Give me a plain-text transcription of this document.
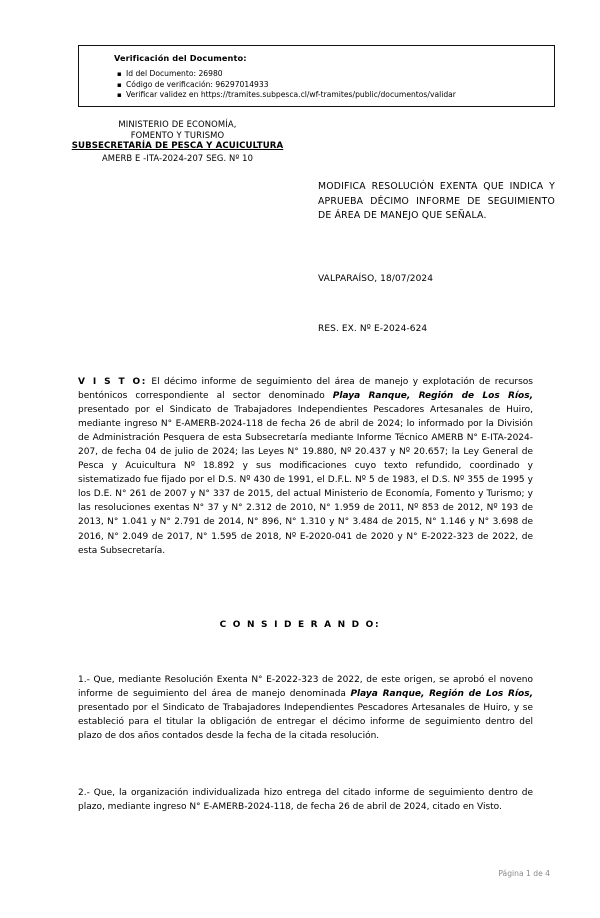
Verificación del Documento:
▪ Id del Documento: 26980
▪ Código de verificación: 96297014933
▪ Verificar validez en https://tramites.subpesca.cl/wf-tramites/public/documentos/validar
MINISTERIO DE ECONOMÍA,
FOMENTO Y TURISMO
SUBSECRETARÍA DE PESCA Y ACUICULTURA
AMERB E -ITA-2024-207 SEG. Nº 10
MODIFICA RESOLUCIÓN EXENTA QUE INDICA Y APRUEBA DÉCIMO INFORME DE SEGUIMIENTO DE ÁREA DE MANEJO QUE SEÑALA.
VALPARAÍSO, 18/07/2024
RES. EX. Nº E-2024-624
V I S T O: El décimo informe de seguimiento del área de manejo y explotación de recursos bentónicos correspondiente al sector denominado Playa Ranque, Región de Los Ríos, presentado por el Sindicato de Trabajadores Independientes Pescadores Artesanales de Huiro, mediante ingreso N° E-AMERB-2024-118 de fecha 26 de abril de 2024; lo informado por la División de Administración Pesquera de esta Subsecretaría mediante Informe Técnico AMERB N° E-ITA-2024-207, de fecha 04 de julio de 2024; las Leyes N° 19.880, Nº 20.437 y Nº 20.657; la Ley General de Pesca y Acuicultura Nº 18.892 y sus modificaciones cuyo texto refundido, coordinado y sistematizado fue fijado por el D.S. Nº 430 de 1991, el D.F.L. Nº 5 de 1983, el D.S. Nº 355 de 1995 y los D.E. N° 261 de 2007 y N° 337 de 2015, del actual Ministerio de Economía, Fomento y Turismo; y las resoluciones exentas N° 37 y N° 2.312 de 2010, N° 1.959 de 2011, Nº 853 de 2012, Nº 193 de 2013, N° 1.041 y N° 2.791 de 2014, N° 896, N° 1.310 y N° 3.484 de 2015, N° 1.146 y N° 3.698 de 2016, N° 2.049 de 2017, N° 1.595 de 2018, Nº E-2020-041 de 2020 y N° E-2022-323 de 2022, de esta Subsecretaría.
C O N S I D E R A N D O:
1.- Que, mediante Resolución Exenta N° E-2022-323 de 2022, de este origen, se aprobó el noveno informe de seguimiento del área de manejo denominada Playa Ranque, Región de Los Ríos, presentado por el Sindicato de Trabajadores Independientes Pescadores Artesanales de Huiro, y se estableció para el titular la obligación de entregar el décimo informe de seguimiento dentro del plazo de dos años contados desde la fecha de la citada resolución.
2.- Que, la organización individualizada hizo entrega del citado informe de seguimiento dentro de plazo, mediante ingreso N° E-AMERB-2024-118, de fecha 26 de abril de 2024, citado en Visto.
Página 1 de 4
